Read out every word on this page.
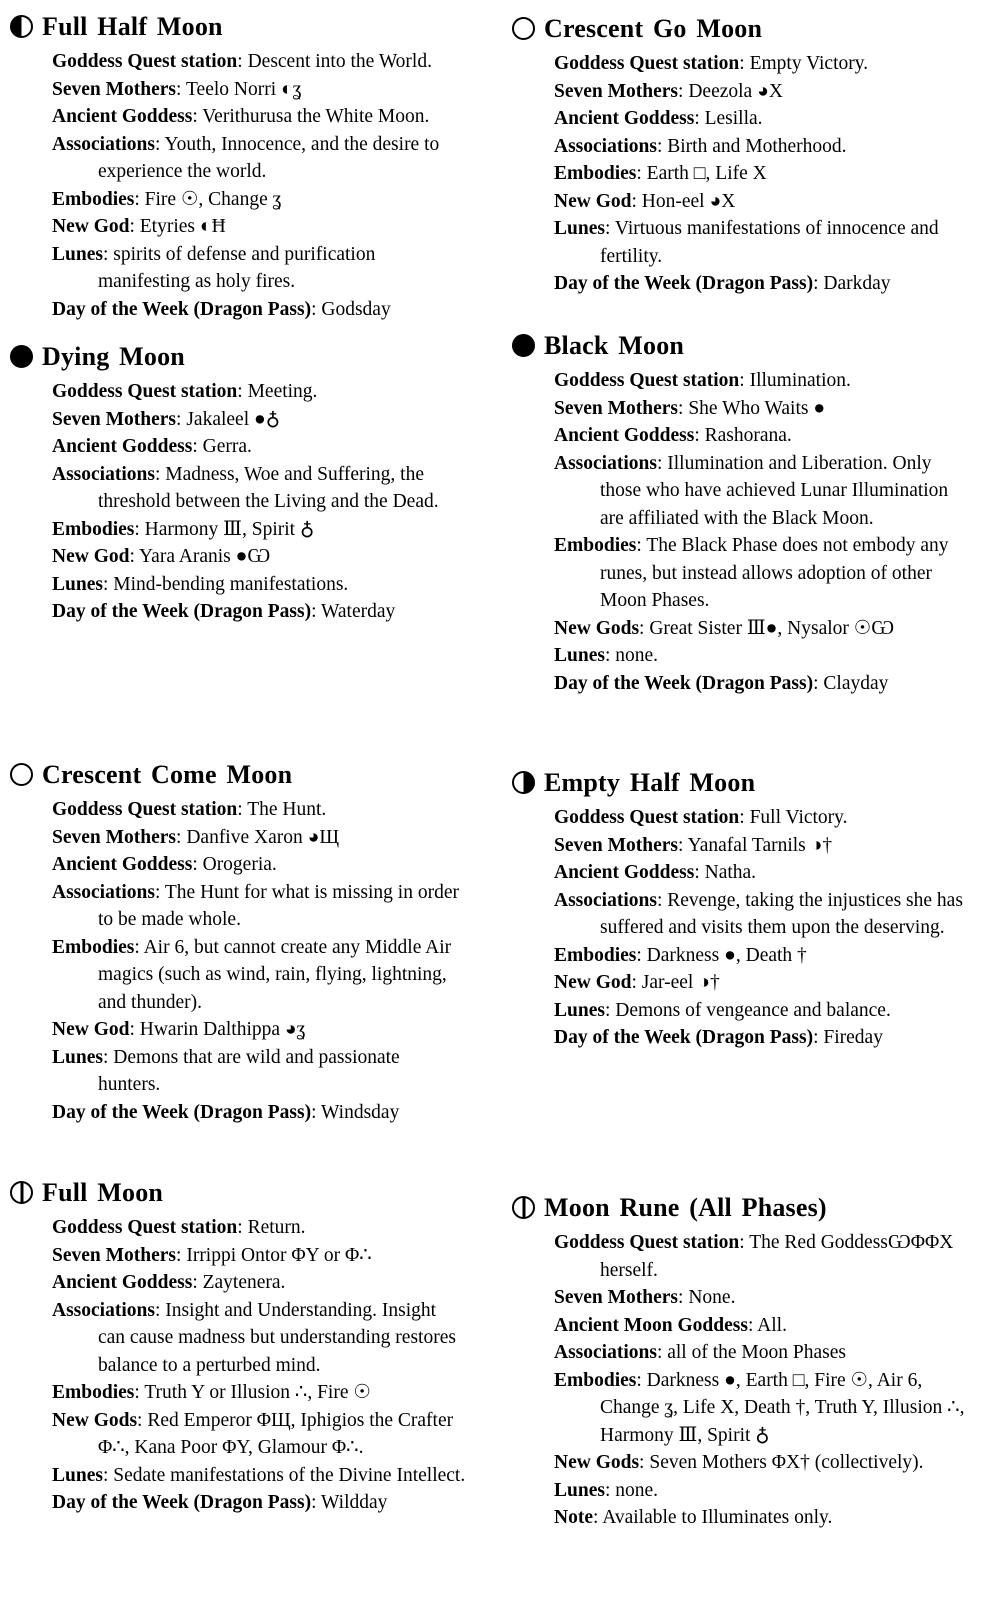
Full Half Moon

Goddess Quest station: Descent into the World.

Seven Mothers: Teelo Norri ◐ʓ

Ancient Goddess: Verithurusa the White Moon.

Associations: Youth, Innocence, and the desire to experience the world.

Embodies: Fire ☉, Change ʓ

New God: Etyries ◐Ħ

Lunes: spirits of defense and purification manifesting as holy fires.

Day of the Week (Dragon Pass): Godsday

Dying Moon

Goddess Quest station: Meeting.

Seven Mothers: Jakaleel ●♁

Ancient Goddess: Gerra.

Associations: Madness, Woe and Suffering, the threshold between the Living and the Dead.

Embodies: Harmony Ⅲ, Spirit ♁

New God: Yara Aranis ●Ѡ

Lunes: Mind-bending manifestations.

Day of the Week (Dragon Pass): Waterday

Crescent Come Moon

Goddess Quest station: The Hunt.

Seven Mothers: Danfive Xaron ◕Щ

Ancient Goddess: Orogeria.

Associations: The Hunt for what is missing in order to be made whole.

Embodies: Air 6, but cannot create any Middle Air magics (such as wind, rain, flying, lightning, and thunder).

New God: Hwarin Dalthippa ◕ʓ

Lunes: Demons that are wild and passionate hunters.

Day of the Week (Dragon Pass): Windsday

Full Moon

Goddess Quest station: Return.

Seven Mothers: Irrippi Ontor ΦY or Φ∴

Ancient Goddess: Zaytenera.

Associations: Insight and Understanding. Insight can cause madness but understanding restores balance to a perturbed mind.

Embodies: Truth Y or Illusion ∴, Fire ☉

New Gods: Red Emperor ΦЩ, Iphigios the Crafter Φ∴, Kana Poor ΦY, Glamour Φ∴.

Lunes: Sedate manifestations of the Divine Intellect.

Day of the Week (Dragon Pass): Wildday

Crescent Go Moon

Goddess Quest station: Empty Victory.

Seven Mothers: Deezola ◕X

Ancient Goddess: Lesilla.

Associations: Birth and Motherhood.

Embodies: Earth □, Life X

New God: Hon-eel ◕X

Lunes: Virtuous manifestations of innocence and fertility.

Day of the Week (Dragon Pass): Darkday

Black Moon

Goddess Quest station: Illumination.

Seven Mothers: She Who Waits ●

Ancient Goddess: Rashorana.

Associations: Illumination and Liberation. Only those who have achieved Lunar Illumination are affiliated with the Black Moon.

Embodies: The Black Phase does not embody any runes, but instead allows adoption of other Moon Phases.

New Gods: Great Sister Ⅲ●, Nysalor ☉Ѡ

Lunes: none.

Day of the Week (Dragon Pass): Clayday

Empty Half Moon

Goddess Quest station: Full Victory.

Seven Mothers: Yanafal Tarnils ◑†

Ancient Goddess: Natha.

Associations: Revenge, taking the injustices she has suffered and visits them upon the deserving.

Embodies: Darkness ●, Death †

New God: Jar-eel ◑†

Lunes: Demons of vengeance and balance.

Day of the Week (Dragon Pass): Fireday

Moon Rune (All Phases)

Goddess Quest station: The Red GoddessѠΦΦX herself.

Seven Mothers: None.

Ancient Moon Goddess: All.

Associations: all of the Moon Phases

Embodies: Darkness ●, Earth □, Fire ☉, Air 6, Change ʓ, Life X, Death †, Truth Y, Illusion ∴, Harmony Ⅲ, Spirit ♁

New Gods: Seven Mothers ΦX† (collectively).

Lunes: none.

Note: Available to Illuminates only.
